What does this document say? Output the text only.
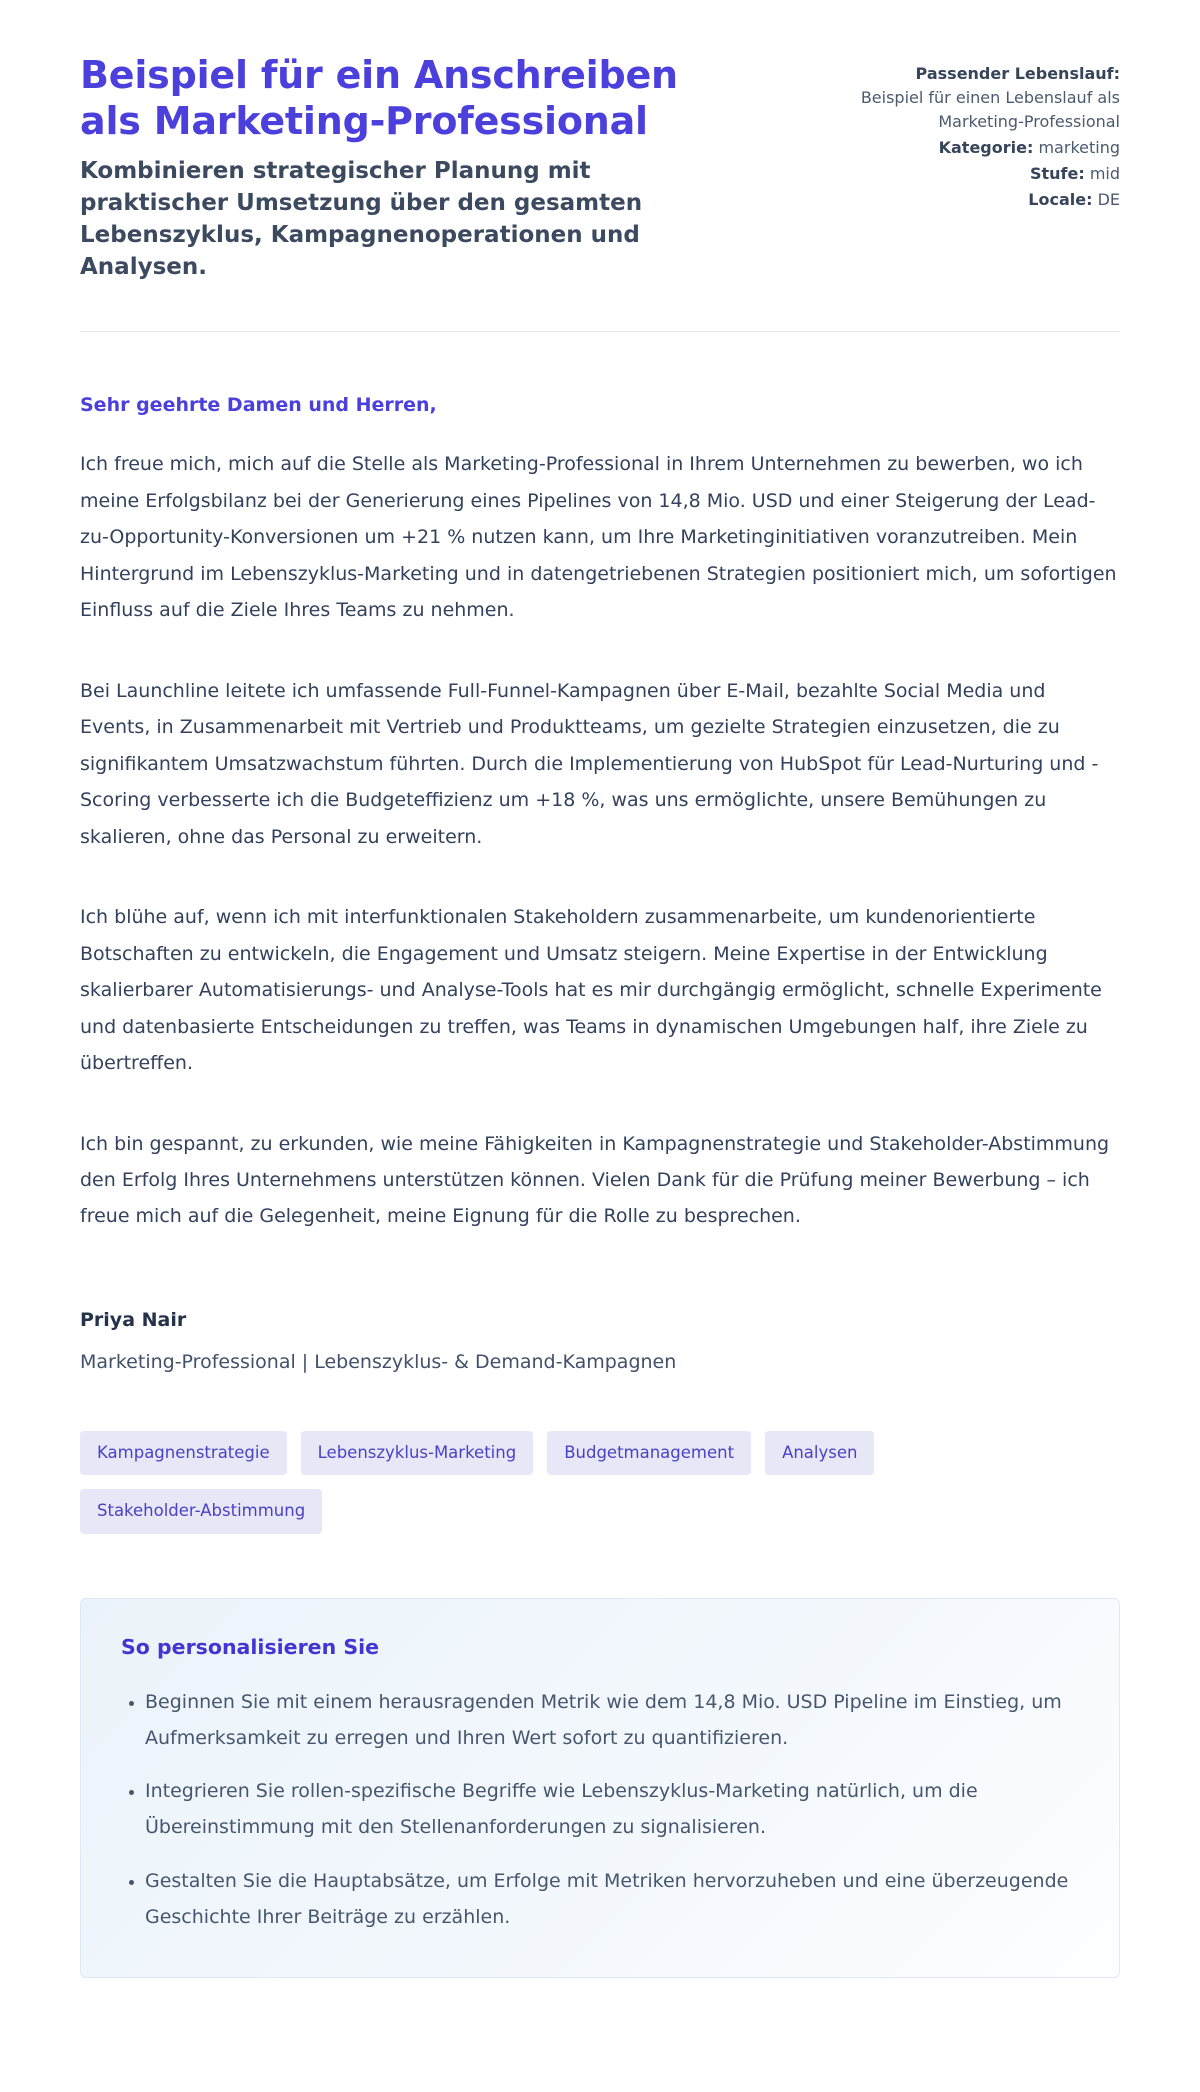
Beispiel für ein Anschreiben als Marketing-Professional

Kombinieren strategischer Planung mit praktischer Umsetzung über den gesamten Lebenszyklus, Kampagnenoperationen und Analysen.

Passender Lebenslauf:
Beispiel für einen Lebenslauf als Marketing-Professional
Kategorie: marketing
Stufe: mid
Locale: DE

Sehr geehrte Damen und Herren,

Ich freue mich, mich auf die Stelle als Marketing-Professional in Ihrem Unternehmen zu bewerben, wo ich meine Erfolgsbilanz bei der Generierung eines Pipelines von 14,8 Mio. USD und einer Steigerung der Lead-zu-Opportunity-Konversionen um +21 % nutzen kann, um Ihre Marketinginitiativen voranzutreiben. Mein Hintergrund im Lebenszyklus-Marketing und in datengetriebenen Strategien positioniert mich, um sofortigen Einfluss auf die Ziele Ihres Teams zu nehmen.

Bei Launchline leitete ich umfassende Full-Funnel-Kampagnen über E-Mail, bezahlte Social Media und Events, in Zusammenarbeit mit Vertrieb und Produktteams, um gezielte Strategien einzusetzen, die zu signifikantem Umsatzwachstum führten. Durch die Implementierung von HubSpot für Lead-Nurturing und -Scoring verbesserte ich die Budgeteffizienz um +18 %, was uns ermöglichte, unsere Bemühungen zu skalieren, ohne das Personal zu erweitern.

Ich blühe auf, wenn ich mit interfunktionalen Stakeholdern zusammenarbeite, um kundenorientierte Botschaften zu entwickeln, die Engagement und Umsatz steigern. Meine Expertise in der Entwicklung skalierbarer Automatisierungs- und Analyse-Tools hat es mir durchgängig ermöglicht, schnelle Experimente und datenbasierte Entscheidungen zu treffen, was Teams in dynamischen Umgebungen half, ihre Ziele zu übertreffen.

Ich bin gespannt, zu erkunden, wie meine Fähigkeiten in Kampagnenstrategie und Stakeholder-Abstimmung den Erfolg Ihres Unternehmens unterstützen können. Vielen Dank für die Prüfung meiner Bewerbung – ich freue mich auf die Gelegenheit, meine Eignung für die Rolle zu besprechen.

Priya Nair

Marketing-Professional | Lebenszyklus- & Demand-Kampagnen

Kampagnenstrategie	Lebenszyklus-Marketing	Budgetmanagement	Analysen
Stakeholder-Abstimmung
So personalisieren Sie
• Beginnen Sie mit einem herausragenden Metrik wie dem 14,8 Mio. USD Pipeline im Einstieg, um Aufmerksamkeit zu erregen und Ihren Wert sofort zu quantifizieren.
• Integrieren Sie rollen-spezifische Begriffe wie Lebenszyklus-Marketing natürlich, um die Übereinstimmung mit den Stellenanforderungen zu signalisieren.
• Gestalten Sie die Hauptabsätze, um Erfolge mit Metriken hervorzuheben und eine überzeugende Geschichte Ihrer Beiträge zu erzählen.
